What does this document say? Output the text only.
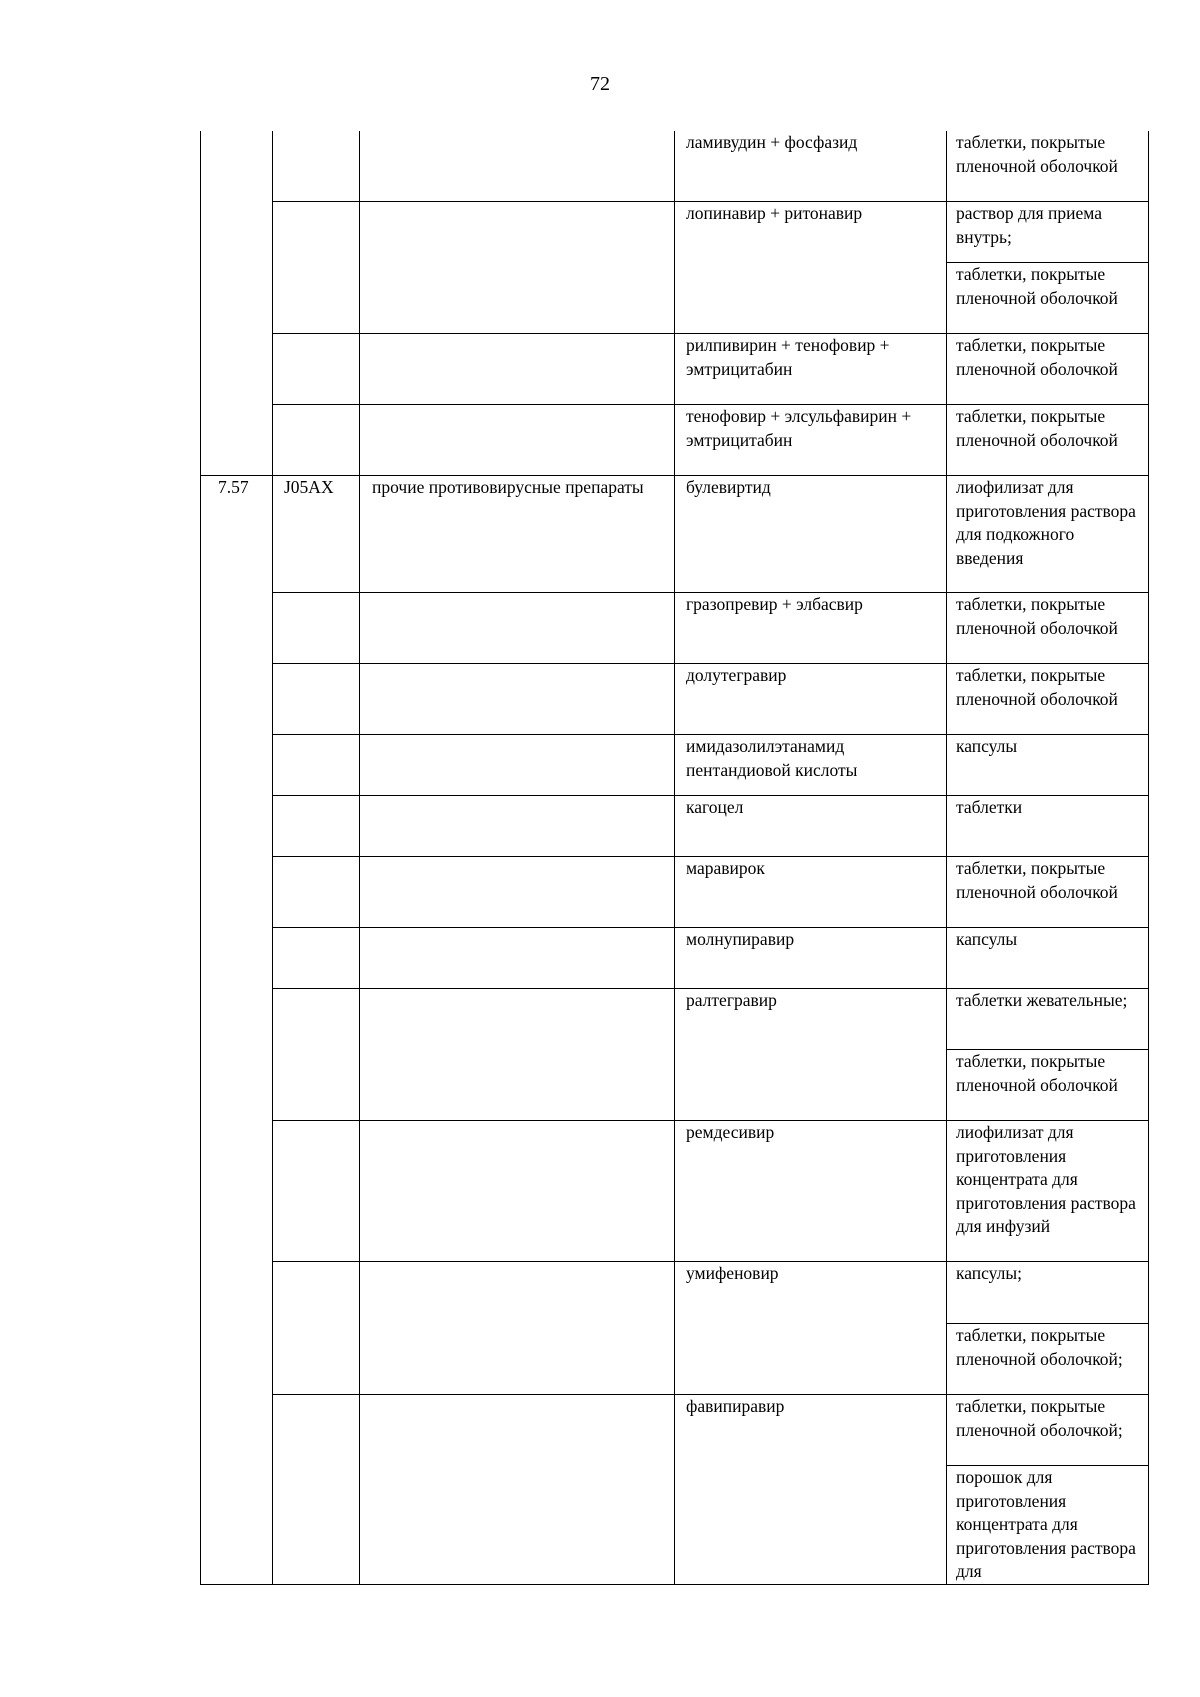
72
			ламивудин + фосфазид	таблетки, покрытые пленочной оболочкой
			лопинавир + ритонавир	раствор для приема внутрь;
				таблетки, покрытые пленочной оболочкой
			рилпивирин + тенофовир + эмтрицитабин	таблетки, покрытые пленочной оболочкой
			тенофовир + элсульфавирин + эмтрицитабин	таблетки, покрытые пленочной оболочкой
7.57	J05AX	прочие противовирусные препараты	булевиртид	лиофилизат для приготовления раствора для подкожного введения
			гразопревир + элбасвир	таблетки, покрытые пленочной оболочкой
			долутегравир	таблетки, покрытые пленочной оболочкой
			имидазолилэтанамид пентандиовой кислоты	капсулы
			кагоцел	таблетки
			маравирок	таблетки, покрытые пленочной оболочкой
			молнупиравир	капсулы
			ралтегравир	таблетки жевательные;
				таблетки, покрытые пленочной оболочкой
			ремдесивир	лиофилизат для приготовления концентрата для приготовления раствора для инфузий
			умифеновир	капсулы;
				таблетки, покрытые пленочной оболочкой;
			фавипиравир	таблетки, покрытые пленочной оболочкой;
				порошок для приготовления концентрата для приготовления раствора для
